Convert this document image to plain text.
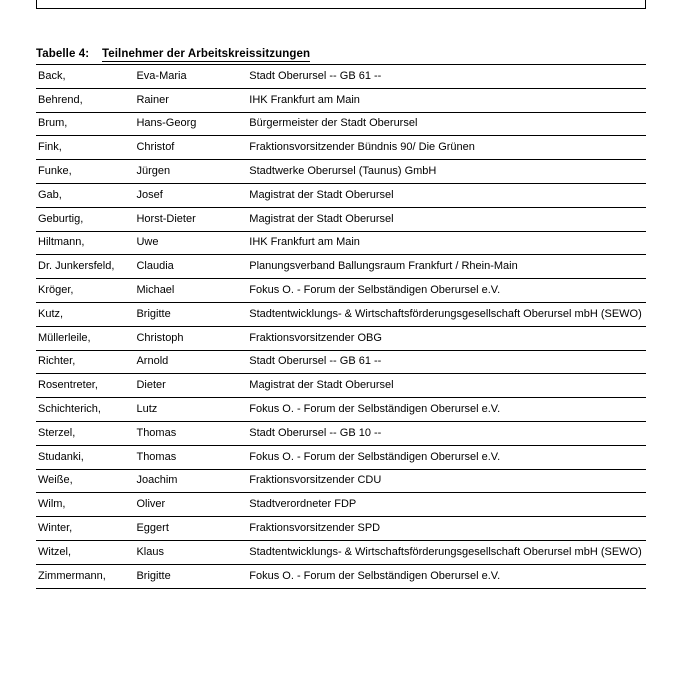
Tabelle 4: Teilnehmer der Arbeitskreissitzungen
Back,	Eva-Maria	Stadt Oberursel -- GB 61 --
Behrend,	Rainer	IHK Frankfurt am Main
Brum,	Hans-Georg	Bürgermeister der Stadt Oberursel
Fink,	Christof	Fraktionsvorsitzender Bündnis 90/ Die Grünen
Funke,	Jürgen	Stadtwerke Oberursel (Taunus) GmbH
Gab,	Josef	Magistrat der Stadt Oberursel
Geburtig,	Horst-Dieter	Magistrat der Stadt Oberursel
Hiltmann,	Uwe	IHK Frankfurt am Main
Dr. Junkersfeld,	Claudia	Planungsverband Ballungsraum Frankfurt / Rhein-Main
Kröger,	Michael	Fokus O. - Forum der Selbständigen Oberursel e.V.
Kutz,	Brigitte	Stadtentwicklungs- & Wirtschaftsförderungsgesellschaft Oberursel mbH (SEWO)
Müllerleile,	Christoph	Fraktionsvorsitzender OBG
Richter,	Arnold	Stadt Oberursel -- GB 61 --
Rosentreter,	Dieter	Magistrat der Stadt Oberursel
Schichterich,	Lutz	Fokus O. - Forum der Selbständigen Oberursel e.V.
Sterzel,	Thomas	Stadt Oberursel -- GB 10 --
Studanki,	Thomas	Fokus O. - Forum der Selbständigen Oberursel e.V.
Weiße,	Joachim	Fraktionsvorsitzender CDU
Wilm,	Oliver	Stadtverordneter FDP
Winter,	Eggert	Fraktionsvorsitzender SPD
Witzel,	Klaus	Stadtentwicklungs- & Wirtschaftsförderungsgesellschaft Oberursel mbH (SEWO)
Zimmermann,	Brigitte	Fokus O. - Forum der Selbständigen Oberursel e.V.
